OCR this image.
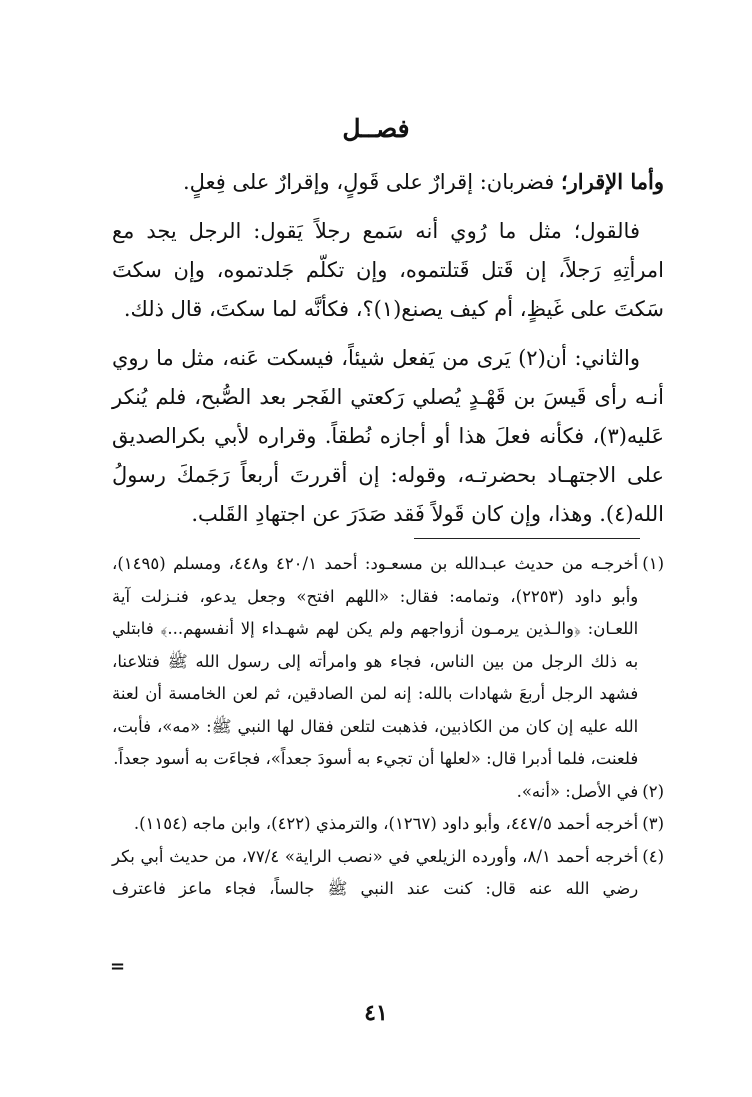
فصــل

وأما الإقرار؛ فضربان: إقرارٌ على قَولٍ، وإقرارٌ على فِعلٍ.

فالقول؛ مثل ما رُوي أنه سَمع رجلاً يَقول: الرجل يجد مع امرأتِهِ رَجلاً، إن قَتل قَتلتموه، وإن تكلّم جَلدتموه، وإن سكتَ سَكتَ على غَيظٍ، أم كيف يصنع(١)؟، فكأنَّه لما سكتَ، قال ذلك.

والثاني: أن(٢) يَرى من يَفعل شيئاً، فيسكت عَنه، مثل ما روي أنـه رأى قَيسَ بن قَهْـدٍ يُصلي رَكعتي الفَجر بعد الصُّبح، فلم يُنكر عَليه(٣)، فكأنه فعلَ هذا أو أجازه نُطقاً. وقراره لأبي بكرالصديق على الاجتهـاد بحضرتـه، وقوله: إن أقررتَ أربعاً رَجَمكَ رسولُ الله(٤). وهذا، وإن كان قَولاً فَقد صَدَرَ عن اجتهادِ القَلب.

(١)
أخرجـه من حديث عبـدالله بن مسعـود: أحمد ٤٢٠/١ و٤٤٨، ومسلم (١٤٩٥)، وأبو داود (٢٢٥٣)، وتمامه: فقال: «اللهم افتح» وجعل يدعو، فنـزلت آية اللعـان: ﴿والـذين يرمـون أزواجهم ولم يكن لهم شهـداء إلا أنفسهم...﴾ فابتلي به ذلك الرجل من بين الناس، فجاء هو وامرأته إلى رسول الله ﷺ فتلاعنا، فشهد الرجل أربعَ شهادات بالله: إنه لمن الصادقين، ثم لعن الخامسة أن لعنة الله عليه إن كان من الكاذبين، فذهبت لتلعن فقال لها النبي ﷺ: «مه»، فأبت، فلعنت، فلما أدبرا قال: «لعلها أن تجيء به أسودَ جعداً»، فجاءَت به أسود جعداً.
(٢)
في الأصل: «أنه».
(٣)
أخرجه أحمد ٤٤٧/٥، وأبو داود (١٢٦٧)، والترمذي (٤٢٢)، وابن ماجه (١١٥٤).
(٤)
أخرجه أحمد ٨/١، وأورده الزيلعي في «نصب الراية» ٧٧/٤، من حديث أبي بكر رضي الله عنه قال: كنت عند النبي ﷺ جالساً، فجاء ماعز فاعترف
=
٤١
